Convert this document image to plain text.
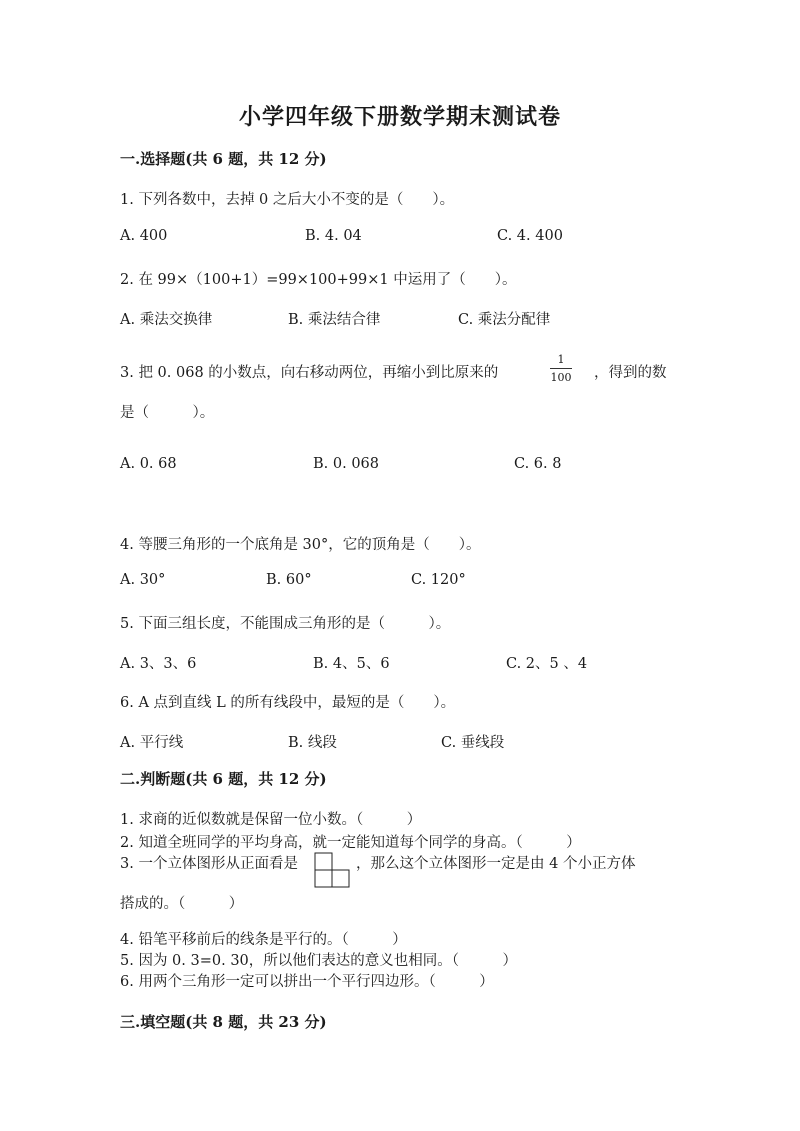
小学四年级下册数学期末测试卷
一.选择题(共 6 题，共 12 分)
1. 下列各数中，去掉 0 之后大小不变的是（　　）。
A. 400	B. 4. 04	C. 4. 400
2. 在 99×（100+1）=99×100+99×1 中运用了（　　）。
A. 乘法交换律	B. 乘法结合律	C. 乘法分配律
3. 把 0. 068 的小数点，向右移动两位，再缩小到比原来的
1
100 ，得到的数
是（　　　）。
A. 0. 68	B. 0. 068	C. 6. 8
4. 等腰三角形的一个底角是 30°，它的顶角是（　　）。
A. 30°	B. 60°	C. 120°
5. 下面三组长度，不能围成三角形的是（　　　）。
A. 3、3、6	B. 4、5、6	C. 2、5 、4
6. A 点到直线 L 的所有线段中，最短的是（　　）。
A. 平行线	B. 线段	C. 垂线段
二.判断题(共 6 题，共 12 分)
1. 求商的近似数就是保留一位小数。（　　　）
2. 知道全班同学的平均身高，就一定能知道每个同学的身高。（　　　）
3. 一个立体图形从正面看是	，那么这个立体图形一定是由 4 个小正方体
搭成的。（　　　）
4. 铅笔平移前后的线条是平行的。（　　　）
5. 因为 0. 3=0. 30，所以他们表达的意义也相同。（　　　）
6. 用两个三角形一定可以拼出一个平行四边形。（　　　）
三.填空题(共 8 题，共 23 分)
